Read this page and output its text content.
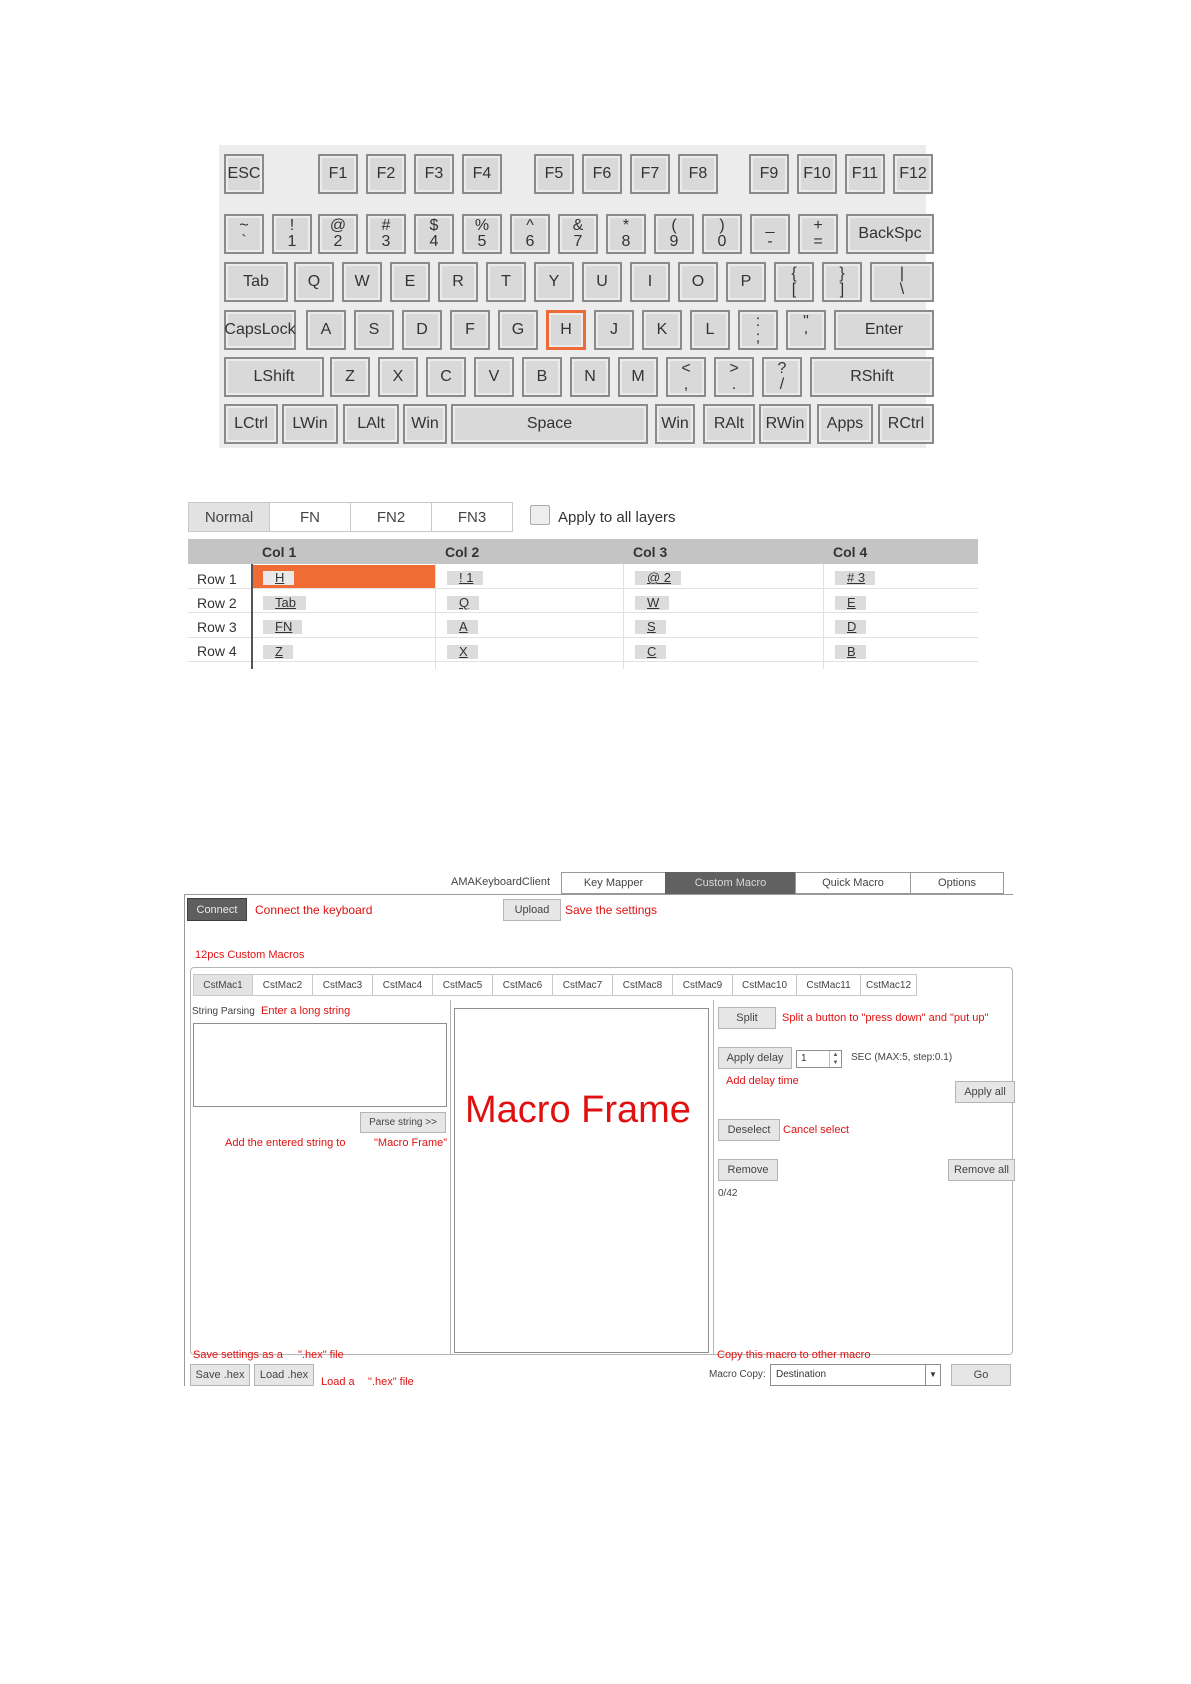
ESC	F1 F2 F3 F4	F5 F6 F7 F8	F9 F10 F11 F12
~
`
!
1
@
2
#
3
$
4
%
5
^
6
&
7
*
8
(
9
)
0
_
-
+
= BackSpc
Tab Q W E R T Y U I O P	{
[
}
]
|
\
CapsLock A S D F G H J K L	:
;
"
'	Enter
LShift	Z X C V B N M <
,
>
.
?
/	RShift
LCtrl LWin LAlt Win	Space	Win RAlt RWin Apps RCtrl
Normal	FN	FN2	FN3	Apply to all layers
Col 1	Col 2	Col 3	Col 4
Row 1	H	! 1	@ 2	# 3
Row 2	Tab	Q	W	E
Row 3	FN	A	S	D
Row 4	Z	X	C	B
AMAKeyboardClient	Key Mapper	Custom Macro	Quick Macro	Options
Connect	Connect the keyboard	Upload	Save the settings
12pcs Custom Macros
CstMac1	CstMac2	CstMac3	CstMac4	CstMac5	CstMac6	CstMac7	CstMac8	CstMac9	CstMac10	CstMac11	CstMac12
String Parsing Enter a long string
Parse string >>
Add the entered string to	"Macro Frame"
Macro Frame
Split	Split a button to "press down" and "put up"
Apply delay	1	▲
▼ SEC (MAX:5, step:0.1)
Add delay time
Apply all
Deselect	Cancel select
Remove	Remove all
0/42
Save settings as a ".hex" file	Copy this macro to other macro
Save .hex	Load .hex
Load a ".hex" file
Macro Copy:	Destination	▼	Go
